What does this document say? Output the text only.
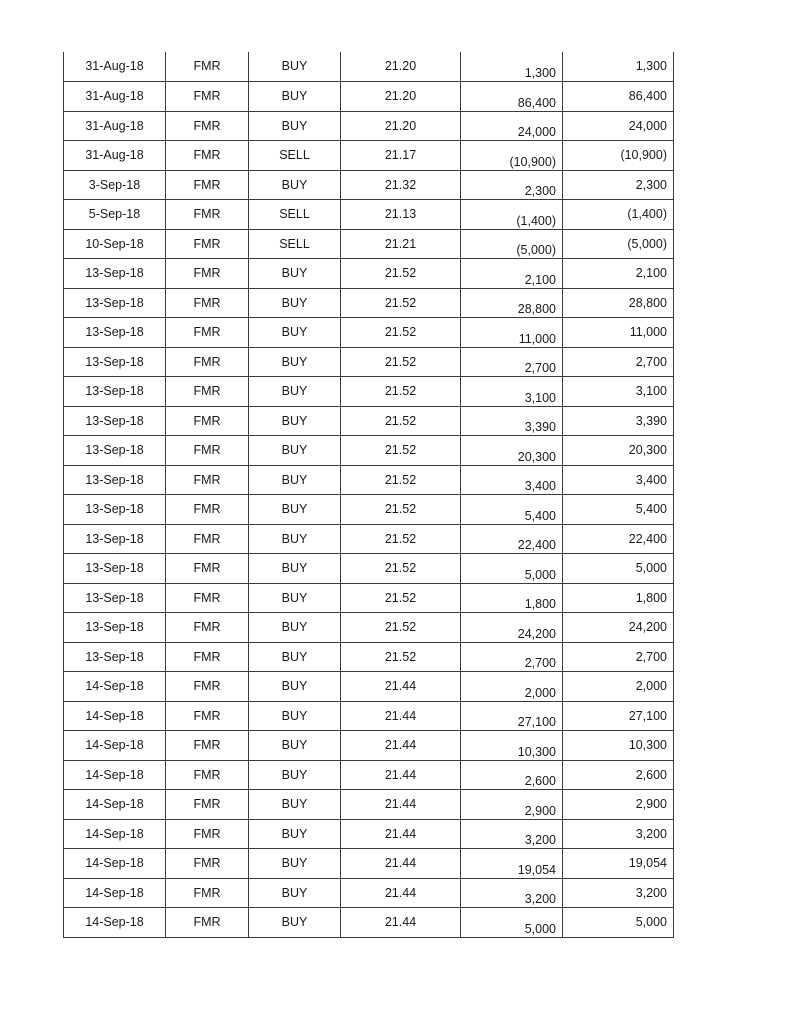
31-Aug-18	FMR	BUY	21.20	1,300	1,300

31-Aug-18	FMR	BUY	21.20	86,400	86,400

31-Aug-18	FMR	BUY	21.20	24,000	24,000

31-Aug-18	FMR	SELL	21.17	(10,900)	(10,900)

3-Sep-18	FMR	BUY	21.32	2,300	2,300

5-Sep-18	FMR	SELL	21.13	(1,400)	(1,400)

10-Sep-18	FMR	SELL	21.21	(5,000)	(5,000)

13-Sep-18	FMR	BUY	21.52	2,100	2,100

13-Sep-18	FMR	BUY	21.52	28,800	28,800

13-Sep-18	FMR	BUY	21.52	11,000	11,000

13-Sep-18	FMR	BUY	21.52	2,700	2,700

13-Sep-18	FMR	BUY	21.52	3,100	3,100

13-Sep-18	FMR	BUY	21.52	3,390	3,390

13-Sep-18	FMR	BUY	21.52	20,300	20,300

13-Sep-18	FMR	BUY	21.52	3,400	3,400

13-Sep-18	FMR	BUY	21.52	5,400	5,400

13-Sep-18	FMR	BUY	21.52	22,400	22,400

13-Sep-18	FMR	BUY	21.52	5,000	5,000

13-Sep-18	FMR	BUY	21.52	1,800	1,800

13-Sep-18	FMR	BUY	21.52	24,200	24,200

13-Sep-18	FMR	BUY	21.52	2,700	2,700

14-Sep-18	FMR	BUY	21.44	2,000	2,000

14-Sep-18	FMR	BUY	21.44	27,100	27,100

14-Sep-18	FMR	BUY	21.44	10,300	10,300

14-Sep-18	FMR	BUY	21.44	2,600	2,600

14-Sep-18	FMR	BUY	21.44	2,900	2,900

14-Sep-18	FMR	BUY	21.44	3,200	3,200

14-Sep-18	FMR	BUY	21.44	19,054	19,054

14-Sep-18	FMR	BUY	21.44	3,200	3,200

14-Sep-18	FMR	BUY	21.44	5,000	5,000
